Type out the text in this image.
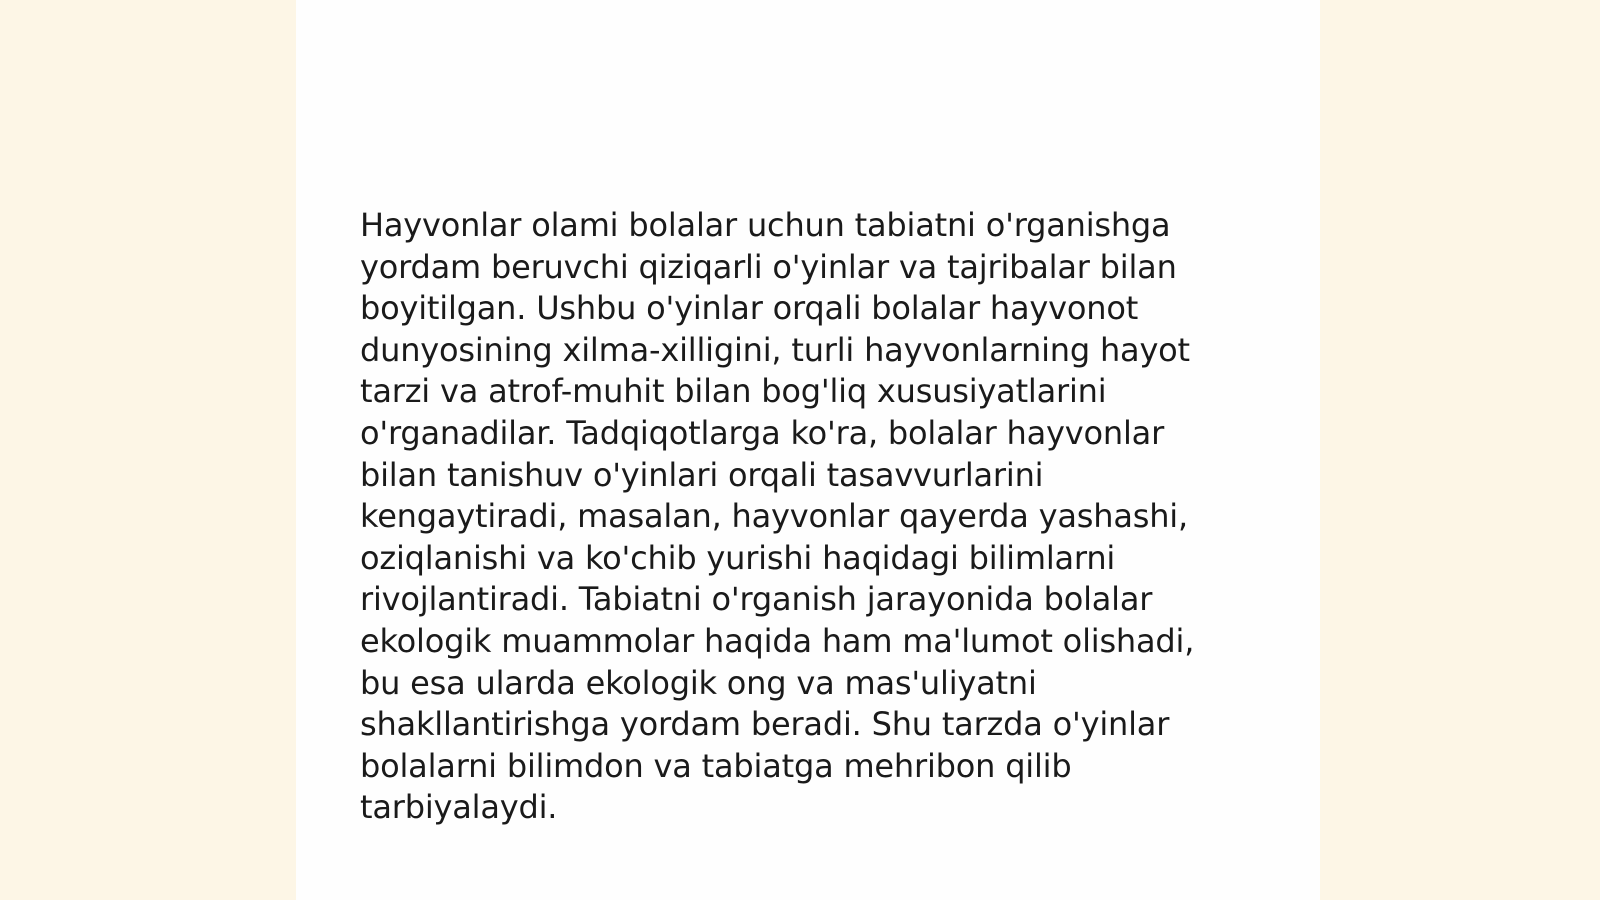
Hayvonlar olami bolalar uchun tabiatni o'rganishga yordam beruvchi qiziqarli o'yinlar va tajribalar bilan boyitilgan. Ushbu o'yinlar orqali bolalar hayvonot dunyosining xilma-xilligini, turli hayvonlarning hayot tarzi va atrof-muhit bilan bog'liq xususiyatlarini o'rganadilar. Tadqiqotlarga ko'ra, bolalar hayvonlar bilan tanishuv o'yinlari orqali tasavvurlarini kengaytiradi, masalan, hayvonlar qayerda yashashi, oziqlanishi va ko'chib yurishi haqidagi bilimlarni rivojlantiradi. Tabiatni o'rganish jarayonida bolalar ekologik muammolar haqida ham ma'lumot olishadi, bu esa ularda ekologik ong va mas'uliyatni shakllantirishga yordam beradi. Shu tarzda o'yinlar bolalarni bilimdon va tabiatga mehribon qilib tarbiyalaydi.
